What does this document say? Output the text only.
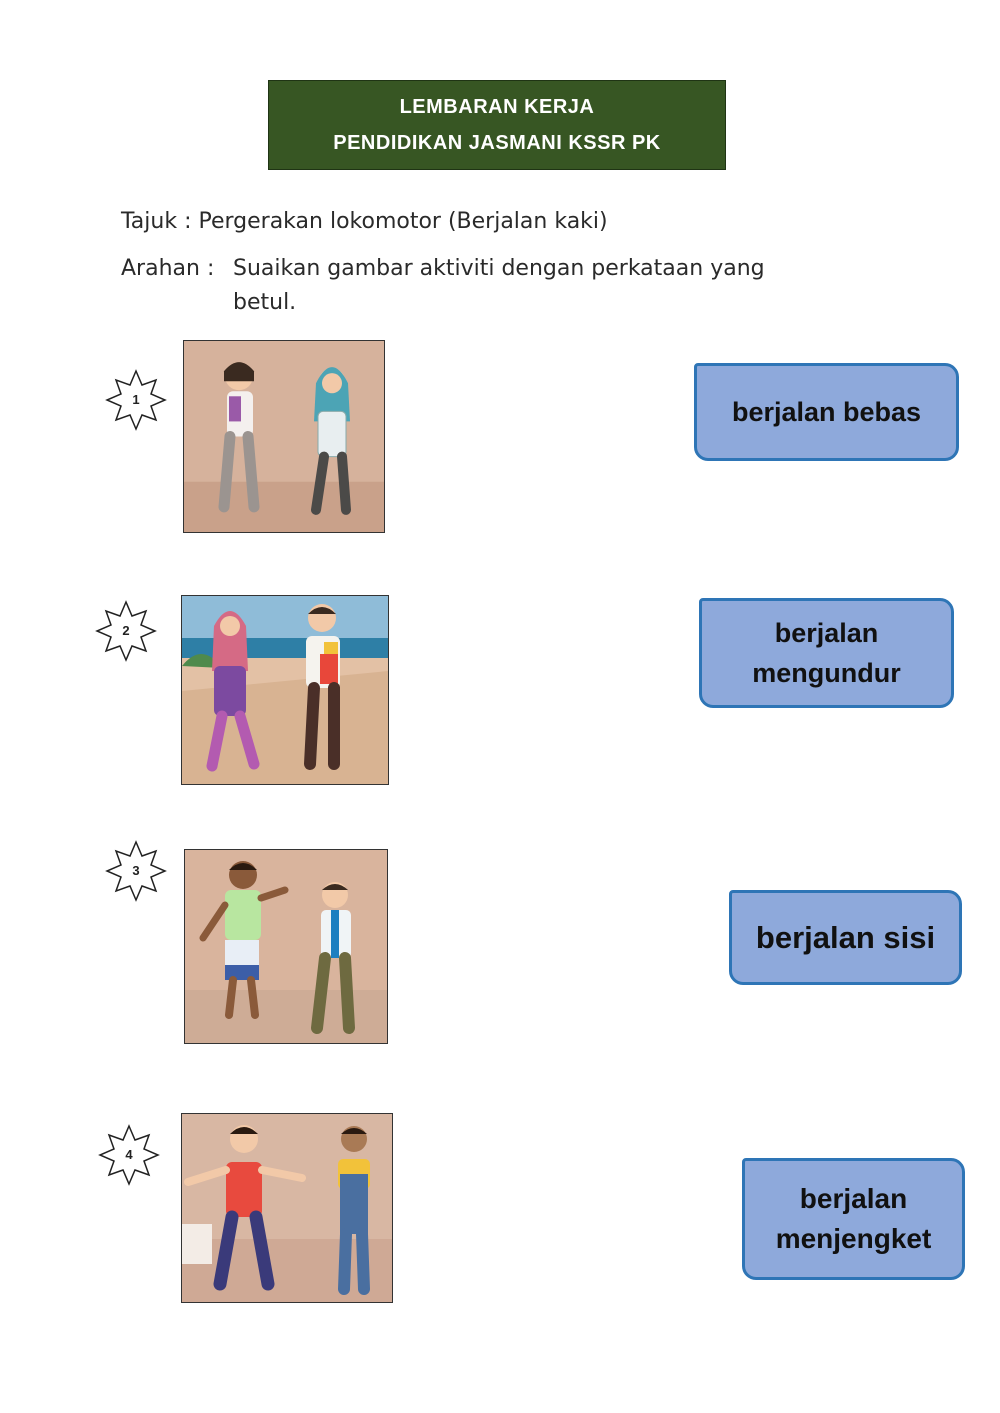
LEMBARAN KERJA
PENDIDIKAN JASMANI KSSR PK
Tajuk : Pergerakan lokomotor (Berjalan kaki)
Arahan : Suaikan gambar aktiviti dengan perkataan yang
betul.
1
2
3
4
berjalan bebas
berjalan
mengundur
berjalan sisi
berjalan
menjengket
